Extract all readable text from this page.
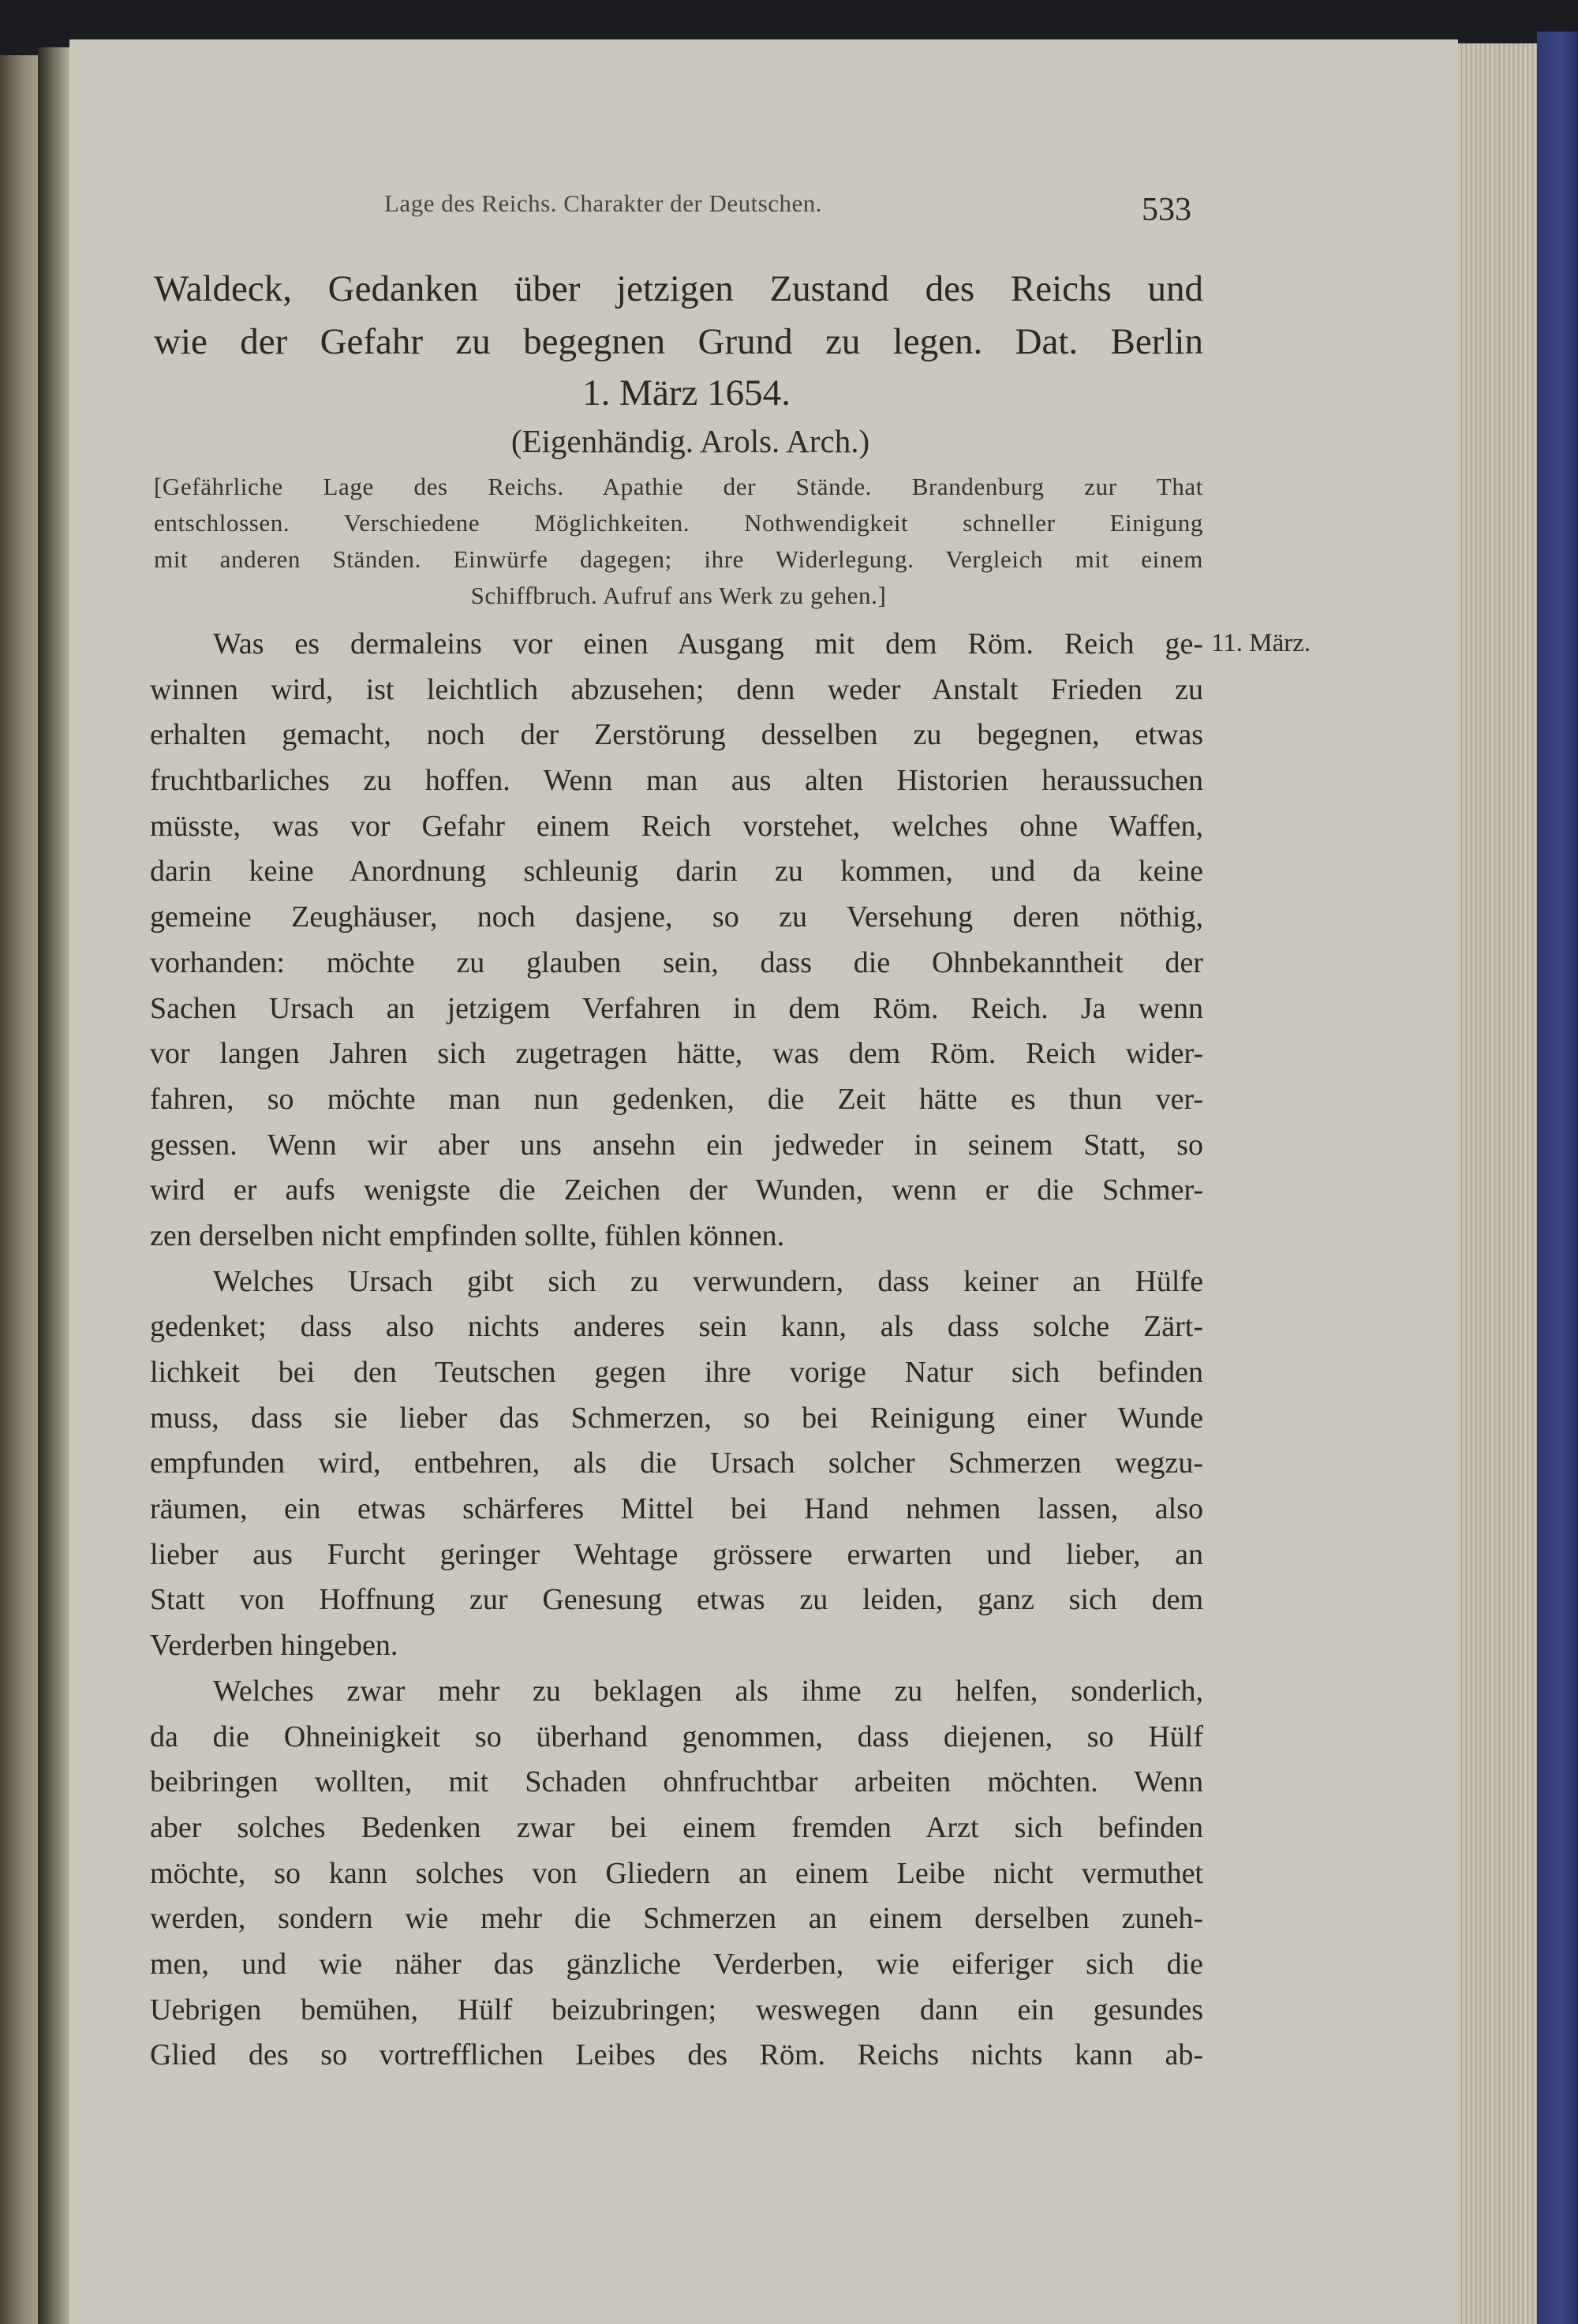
Lage des Reichs. Charakter der Deutschen.	533
Waldeck, Gedanken über jetzigen Zustand des Reichs und
wie der Gefahr zu begegnen Grund zu legen. Dat. Berlin
1. März 1654.
(Eigenhändig. Arols. Arch.)
[Gefährliche Lage des Reichs. Apathie der Stände. Brandenburg zur That
entschlossen. Verschiedene Möglichkeiten. Nothwendigkeit schneller Einigung
mit anderen Ständen. Einwürfe dagegen; ihre Widerlegung. Vergleich mit einem
Schiffbruch. Aufruf ans Werk zu gehen.]
11. März.
Was es dermaleins vor einen Ausgang mit dem Röm. Reich ge-
winnen wird, ist leichtlich abzusehen; denn weder Anstalt Frieden zu
erhalten gemacht, noch der Zerstörung desselben zu begegnen, etwas
fruchtbarliches zu hoffen. Wenn man aus alten Historien heraussuchen
müsste, was vor Gefahr einem Reich vorstehet, welches ohne Waffen,
darin keine Anordnung schleunig darin zu kommen, und da keine
gemeine Zeughäuser, noch dasjene, so zu Versehung deren nöthig,
vorhanden: möchte zu glauben sein, dass die Ohnbekanntheit der
Sachen Ursach an jetzigem Verfahren in dem Röm. Reich. Ja wenn
vor langen Jahren sich zugetragen hätte, was dem Röm. Reich wider-
fahren, so möchte man nun gedenken, die Zeit hätte es thun ver-
gessen. Wenn wir aber uns ansehn ein jedweder in seinem Statt, so
wird er aufs wenigste die Zeichen der Wunden, wenn er die Schmer-
zen derselben nicht empfinden sollte, fühlen können.
Welches Ursach gibt sich zu verwundern, dass keiner an Hülfe
gedenket; dass also nichts anderes sein kann, als dass solche Zärt-
lichkeit bei den Teutschen gegen ihre vorige Natur sich befinden
muss, dass sie lieber das Schmerzen, so bei Reinigung einer Wunde
empfunden wird, entbehren, als die Ursach solcher Schmerzen wegzu-
räumen, ein etwas schärferes Mittel bei Hand nehmen lassen, also
lieber aus Furcht geringer Wehtage grössere erwarten und lieber, an
Statt von Hoffnung zur Genesung etwas zu leiden, ganz sich dem
Verderben hingeben.
Welches zwar mehr zu beklagen als ihme zu helfen, sonderlich,
da die Ohneinigkeit so überhand genommen, dass diejenen, so Hülf
beibringen wollten, mit Schaden ohnfruchtbar arbeiten möchten. Wenn
aber solches Bedenken zwar bei einem fremden Arzt sich befinden
möchte, so kann solches von Gliedern an einem Leibe nicht vermuthet
werden, sondern wie mehr die Schmerzen an einem derselben zuneh-
men, und wie näher das gänzliche Verderben, wie eiferiger sich die
Uebrigen bemühen, Hülf beizubringen; weswegen dann ein gesundes
Glied des so vortrefflichen Leibes des Röm. Reichs nichts kann ab-
